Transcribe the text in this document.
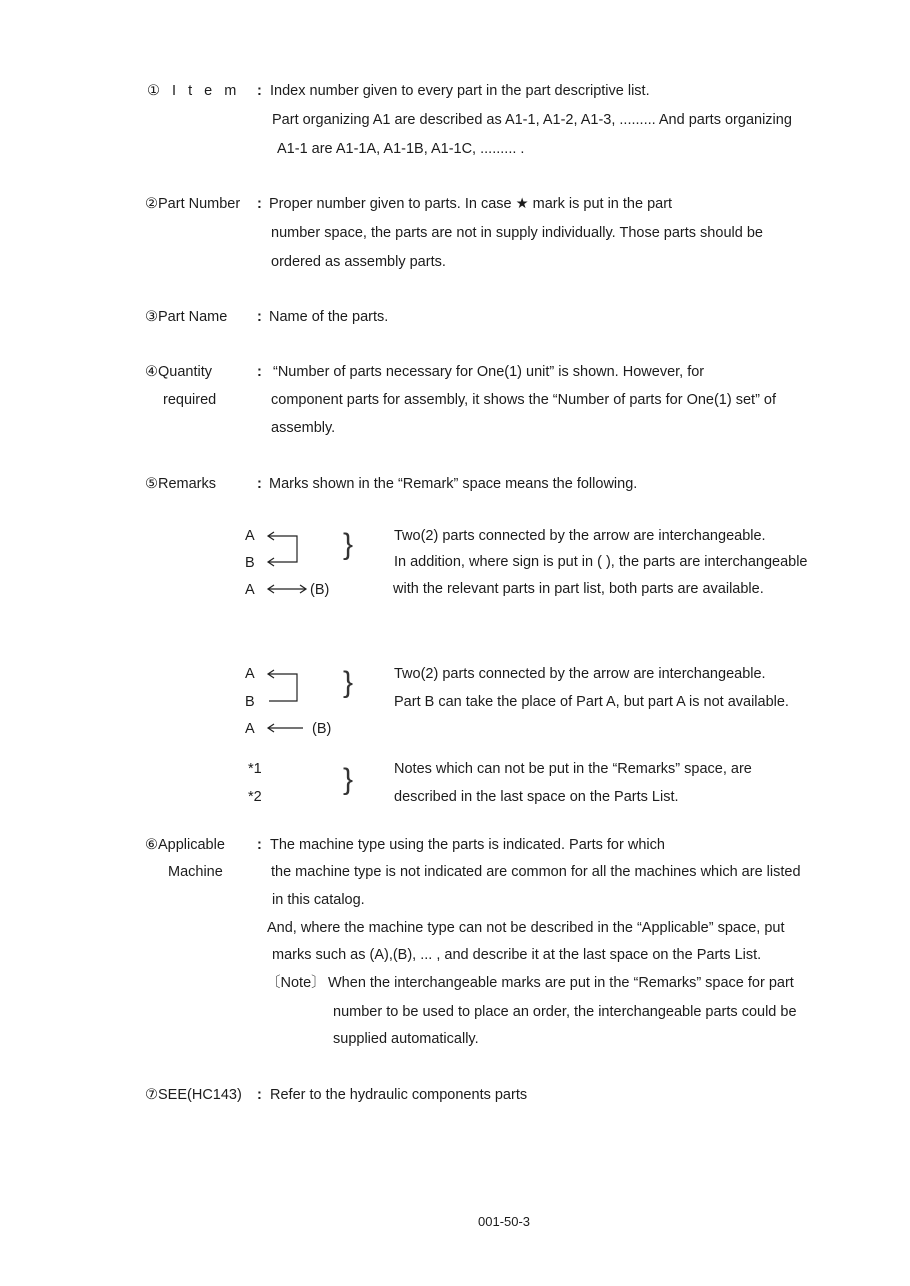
① I t e m : Index number given to every part in the part descriptive list.
Part organizing A1 are described as A1-1, A1-2, A1-3, ......... And parts organizing
A1-1 are A1-1A, A1-1B, A1-1C, ......... .
②Part Number : Proper number given to parts. In case ★ mark is put in the part
number space, the parts are not in supply individually. Those parts should be
ordered as assembly parts.
③Part Name : Name of the parts.
④Quantity
required
: “Number of parts necessary for One(1) unit” is shown. However, for
component parts for assembly, it shows the “Number of parts for One(1) set” of
assembly.
⑤Remarks	: Marks shown in the “Remark” space means the following.
A
B
A	(B)
}	Two(2) parts connected by the arrow are interchangeable.
In addition, where sign is put in ( ), the parts are interchangeable
with the relevant parts in part list, both parts are available.
A
B
A	(B)
}	Two(2) parts connected by the arrow are interchangeable.
Part B can take the place of Part A, but part A is not available.
*1
*2
}	Notes which can not be put in the “Remarks” space, are
described in the last space on the Parts List.
⑥Applicable
Machine
: The machine type using the parts is indicated. Parts for which
the machine type is not indicated are common for all the machines which are listed
in this catalog.
And, where the machine type can not be described in the “Applicable” space, put
marks such as (A),(B), ... , and describe it at the last space on the Parts List.
〔Note〕 When the interchangeable marks are put in the “Remarks” space for part
number to be used to place an order, the interchangeable parts could be
supplied automatically.
⑦SEE(HC143) : Refer to the hydraulic components parts
001-50-3
